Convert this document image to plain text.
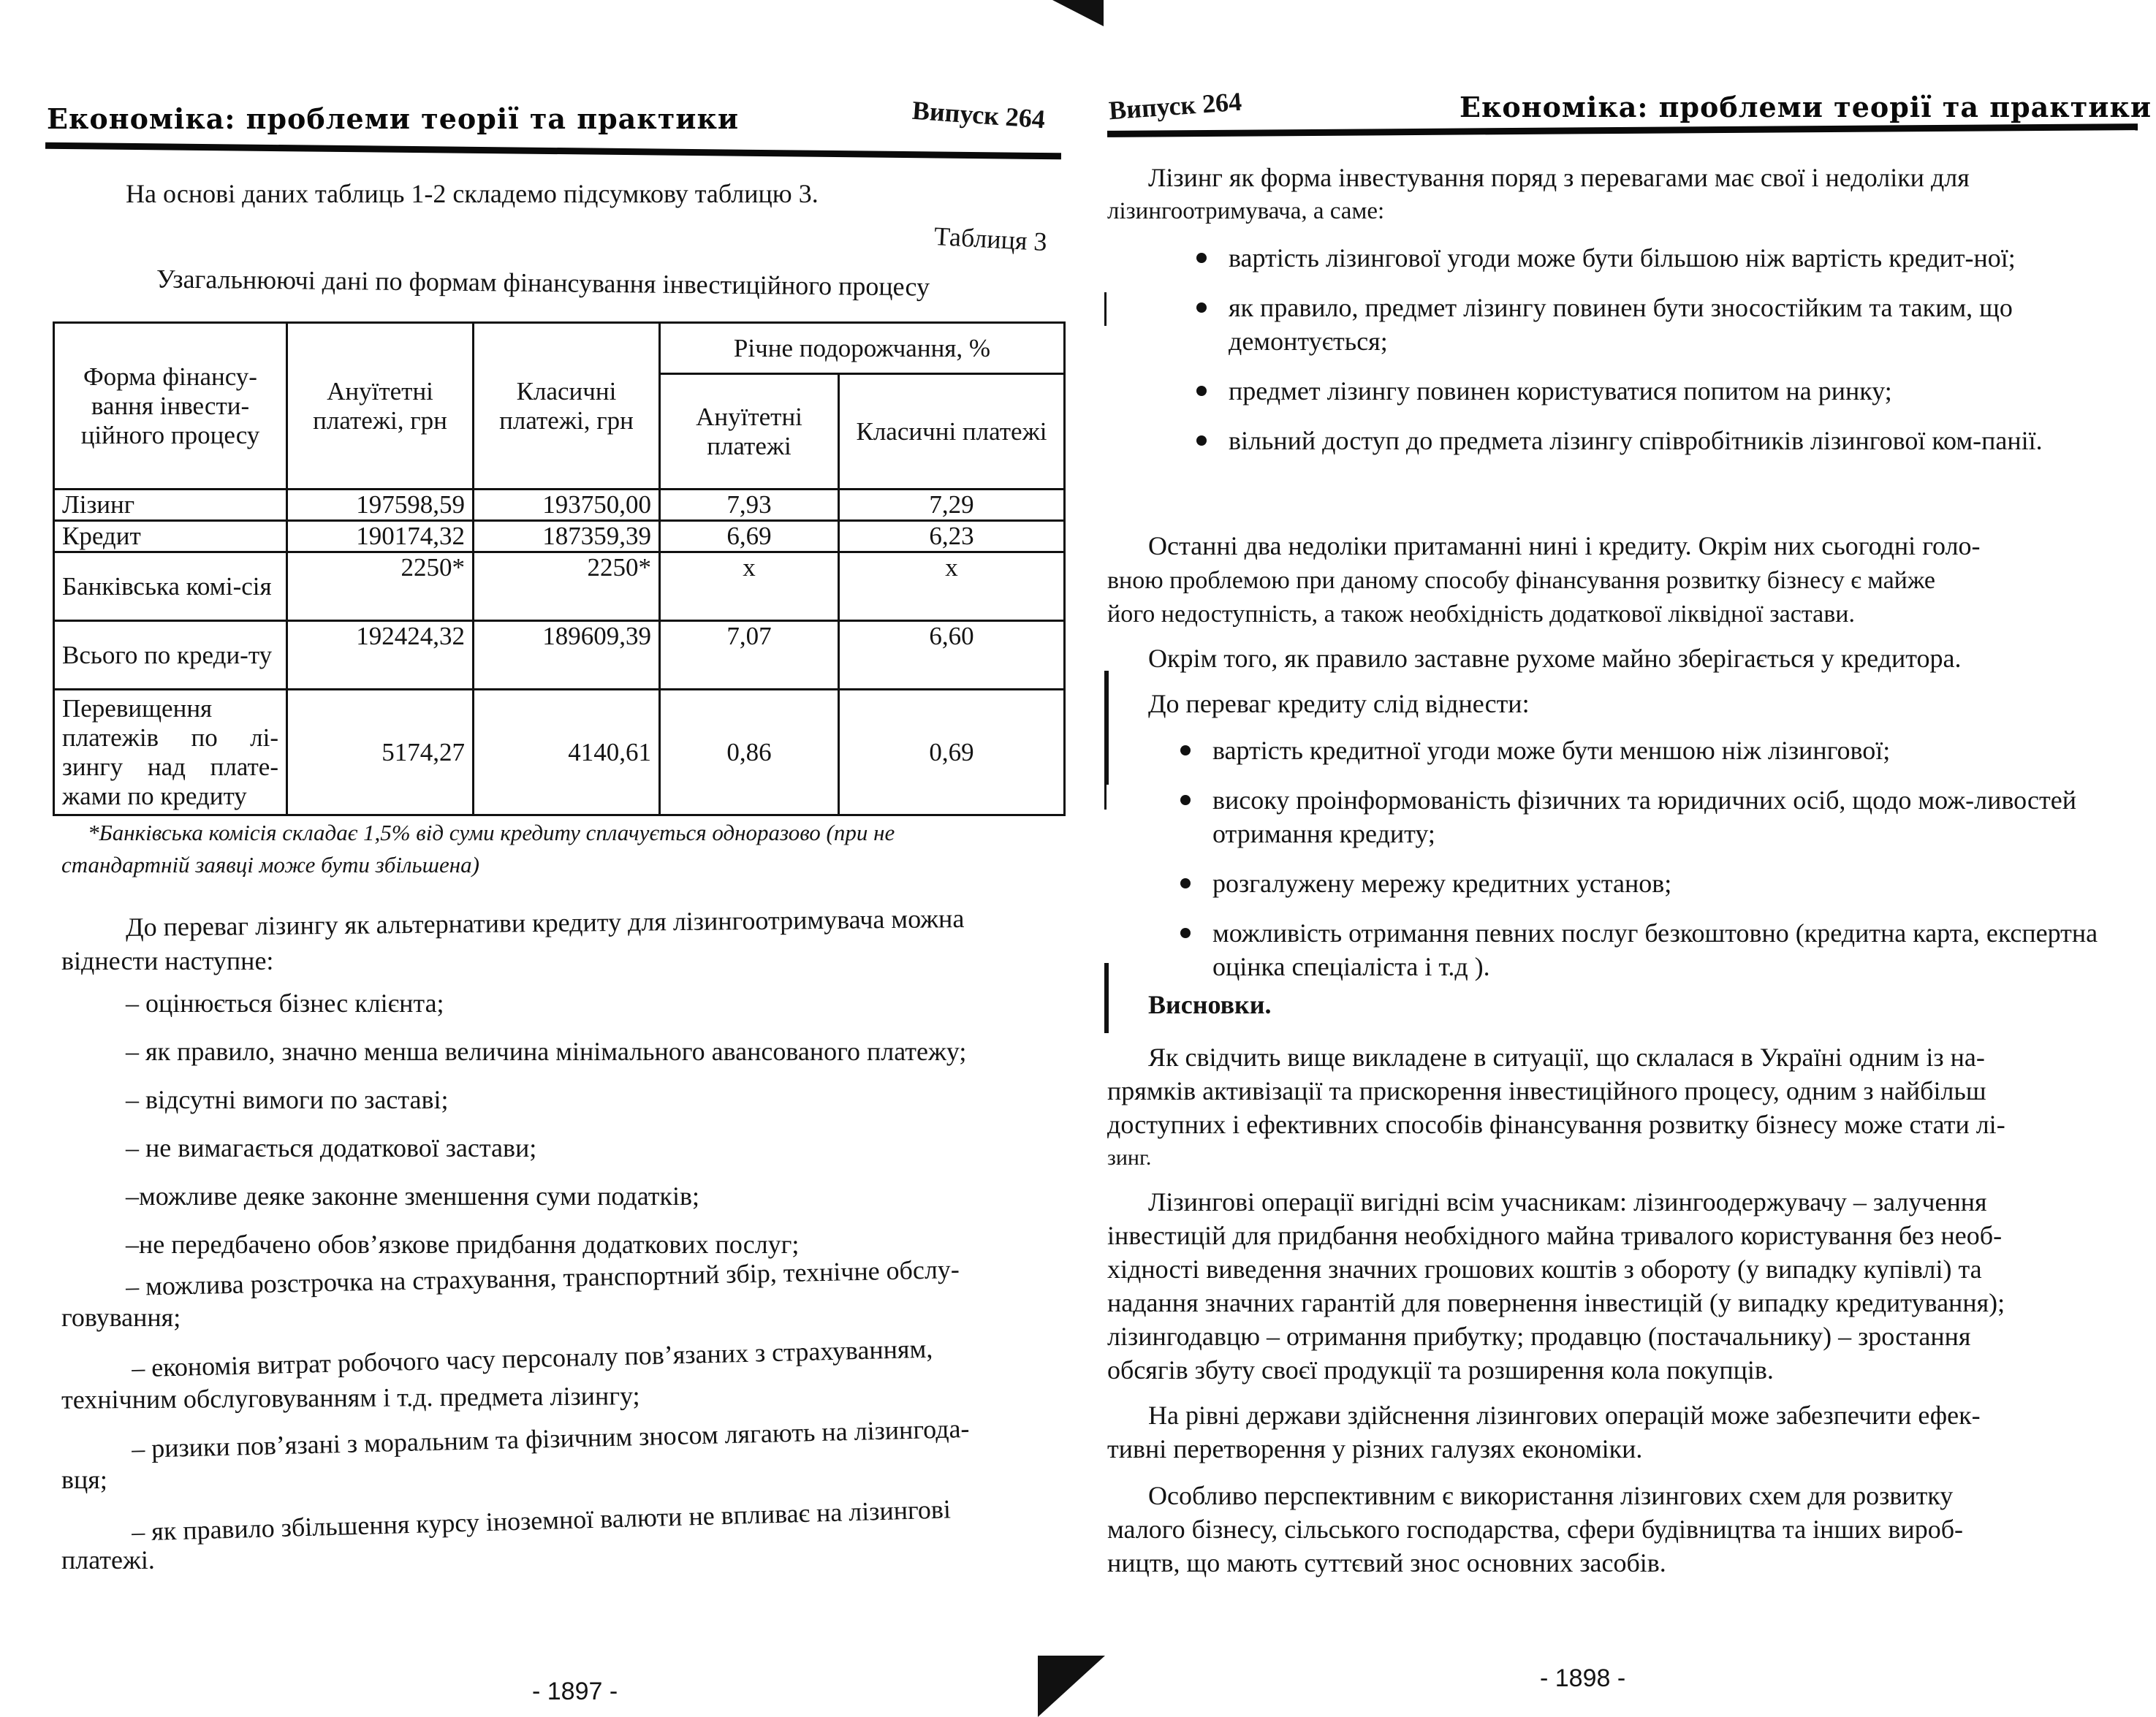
Економіка: проблеми теорії та практики	Випуск 264
На основі даних таблиць 1-2 складемо підсумкову таблицю 3.
Таблиця 3
Узагальнюючі дані по формам фінансування інвестиційного процесу
Форма фінансу-вання інвести-ційного процесу	Ануїтетні платежі, грн	Класичні платежі, грн	Річне подорожчання, %	
			Ануїтетні платежі	Класичні платежі
Лізинг	197598,59	193750,00	7,93	7,29
Кредит	190174,32	187359,39	6,69	6,23
Банківська комі-сія	2250*	2250*	х	х
Всього по креди-ту	192424,32	189609,39	7,07	6,60
Перевищення платежів по лі-зингу над плате-жами по кредиту	5174,27	4140,61	0,86	0,69
*Банківська комісія складає 1,5% від суми кредиту сплачується одноразово (при не
стандартній заявці може бути збільшена)
До переваг лізингу як альтернативи кредиту для лізингоотримувача можна
віднести наступне:
– оцінюється бізнес клієнта;
– як правило, значно менша величина мінімального авансованого платежу;
– відсутні вимоги по заставі;
– не вимагається додаткової застави;
–можливе деяке законне зменшення суми податків;
–не передбачено обов’язкове придбання додаткових послуг;
– можлива розстрочка на страхування, транспортний збір, технічне обслу-
говування;
– економія витрат робочого часу персоналу пов’язаних з страхуванням,
технічним обслуговуванням і т.д. предмета лізингу;
– ризики пов’язані з моральним та фізичним зносом лягають на лізингода-
вця;
– як правило збільшення курсу іноземної валюти не впливає на лізингові
платежі.
- 1897 -
Випуск 264	Економіка: проблеми теорії та практики
Лізинг як форма інвестування поряд з перевагами має свої і недоліки для
лізингоотримувача, а саме:
вартість лізингової угоди може бути більшою ніж вартість кредит-ної;
як правило, предмет лізингу повинен бути зносостійким та таким, що демонтується;
предмет лізингу повинен користуватися попитом на ринку;
вільний доступ до предмета лізингу співробітників лізингової ком-панії.
Останні два недоліки притаманні нині і кредиту. Окрім них сьогодні голо-
вною проблемою при даному способу фінансування розвитку бізнесу є майже
його недоступність, а також необхідність додаткової ліквідної застави.
Окрім того, як правило заставне рухоме майно зберігається у кредитора.
До переваг кредиту слід віднести:
вартість кредитної угоди може бути меншою ніж лізингової;
високу проінформованість фізичних та юридичних осіб, щодо мож-ливостей отримання кредиту;
розгалужену мережу кредитних установ;
можливість отримання певних послуг безкоштовно (кредитна карта, експертна оцінка спеціаліста і т.д ).
Висновки.
Як свідчить вище викладене в ситуації, що склалася в Україні одним із на-
прямків активізації та прискорення інвестиційного процесу, одним з найбільш
доступних і ефективних способів фінансування розвитку бізнесу може стати лі-
зинг.
Лізингові операції вигідні всім учасникам: лізингоодержувачу – залучення
інвестицій для придбання необхідного майна тривалого користування без необ-
хідності виведення значних грошових коштів з обороту (у випадку купівлі) та
надання значних гарантій для повернення інвестицій (у випадку кредитування);
лізингодавцю – отримання прибутку; продавцю (постачальнику) – зростання
обсягів збуту своєї продукції та розширення кола покупців.
На рівні держави здійснення лізингових операцій може забезпечити ефек-
тивні перетворення у різних галузях економіки.
Особливо перспективним є використання лізингових схем для розвитку
малого бізнесу, сільського господарства, сфери будівництва та інших вироб-
ництв, що мають суттєвий знос основних засобів.
- 1898 -
